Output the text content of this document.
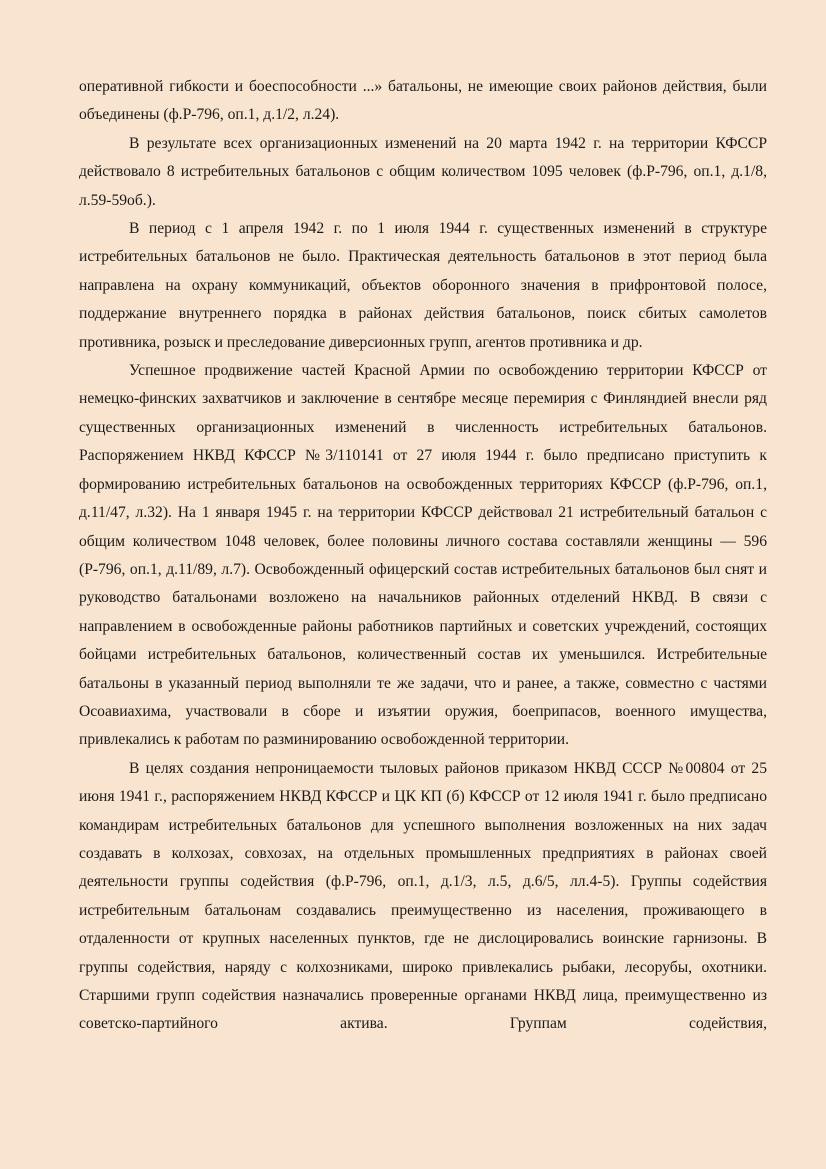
оперативной гибкости и боеспособности ...» батальоны, не имеющие своих районов действия, были объединены (ф.Р-796, оп.1, д.1/2, л.24).

В результате всех организационных изменений на 20 марта 1942 г. на территории КФССР действовало 8 истребительных батальонов с общим количеством 1095 человек (ф.Р-796, оп.1, д.1/8, л.59-59об.).

В период с 1 апреля 1942 г. по 1 июля 1944 г. существенных изменений в структуре истребительных батальонов не было. Практическая деятельность батальонов в этот период была направлена на охрану коммуникаций, объектов оборонного значения в прифронтовой полосе, поддержание внутреннего порядка в районах действия батальонов, поиск сбитых самолетов противника, розыск и преследование диверсионных групп, агентов противника и др.

Успешное продвижение частей Красной Армии по освобождению территории КФССР от немецко-финских захватчиков и заключение в сентябре месяце перемирия с Финляндией внесли ряд существенных организационных изменений в численность истребительных батальонов. Распоряжением НКВД КФССР №3/110141 от 27 июля 1944 г. было предписано приступить к формированию истребительных батальонов на освобожденных территориях КФССР (ф.Р-796, оп.1, д.11/47, л.32). На 1 января 1945 г. на территории КФССР действовал 21 истребительный батальон с общим количеством 1048 человек, более половины личного состава составляли женщины — 596 (Р-796, оп.1, д.11/89, л.7). Освобожденный офицерский состав истребительных батальонов был снят и руководство батальонами возложено на начальников районных отделений НКВД. В связи с направлением в освобожденные районы работников партийных и советских учреждений, состоящих бойцами истребительных батальонов, количественный состав их уменьшился. Истребительные батальоны в указанный период выполняли те же задачи, что и ранее, а также, совместно с частями Осоавиахима, участвовали в сборе и изъятии оружия, боеприпасов, военного имущества, привлекались к работам по разминированию освобожденной территории.

В целях создания непроницаемости тыловых районов приказом НКВД СССР №00804 от 25 июня 1941 г., распоряжением НКВД КФССР и ЦК КП (б) КФССР от 12 июля 1941 г. было предписано командирам истребительных батальонов для успешного выполнения возложенных на них задач создавать в колхозах, совхозах, на отдельных промышленных предприятиях в районах своей деятельности группы содействия (ф.Р-796, оп.1, д.1/3, л.5, д.6/5, лл.4-5). Группы содействия истребительным батальонам создавались преимущественно из населения, проживающего в отдаленности от крупных населенных пунктов, где не дислоцировались воинские гарнизоны. В группы содействия, наряду с колхозниками, широко привлекались рыбаки, лесорубы, охотники. Старшими групп содействия назначались проверенные органами НКВД лица, преимущественно из советско-партийного актива. Группам содействия,
